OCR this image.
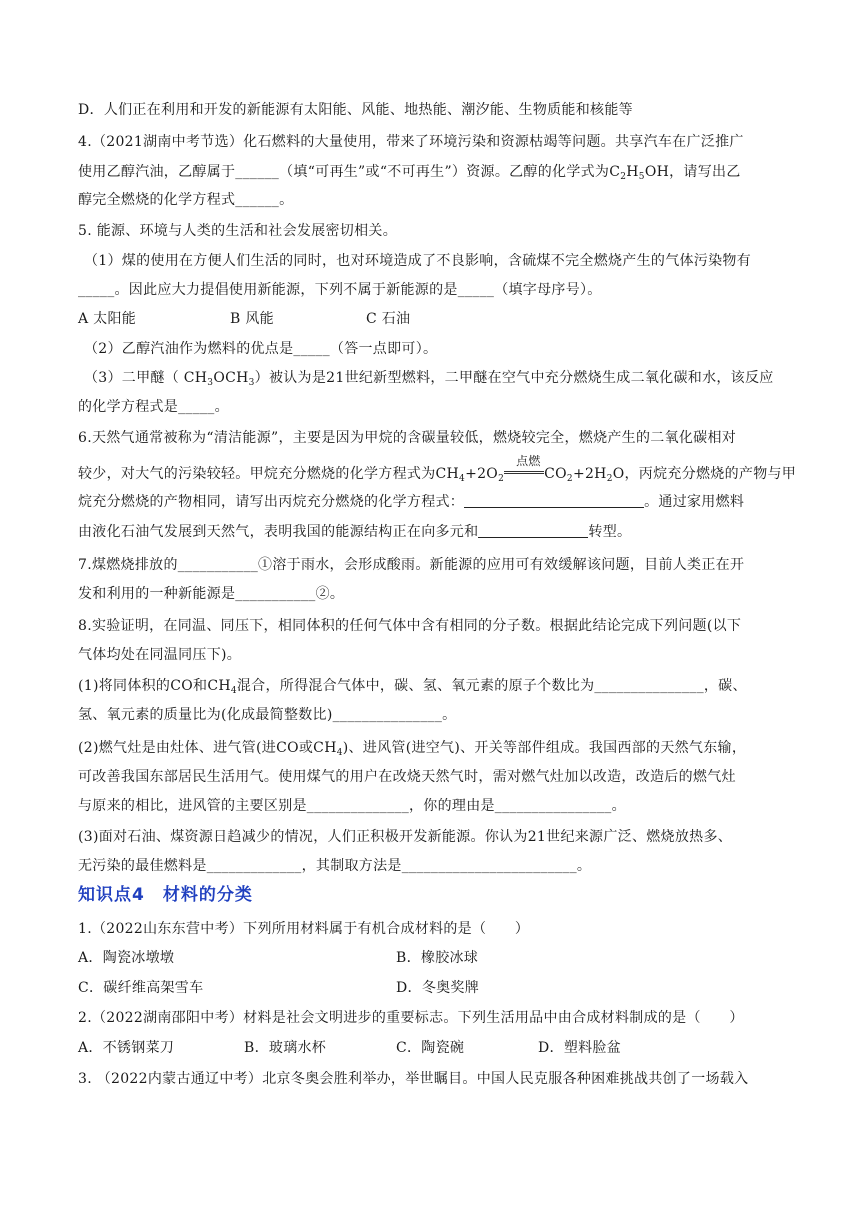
D．人们正在利用和开发的新能源有太阳能、风能、地热能、潮汐能、生物质能和核能等
4.（2021湖南中考节选）化石燃料的大量使用，带来了环境污染和资源枯竭等问题。共享汽车在广泛推广
使用乙醇汽油，乙醇属于______（填“可再生”或“不可再生”）资源。乙醇的化学式为$C_2H_5OH$，请写出乙
醇完全燃烧的化学方程式______。
5. 能源、环境与人类的生活和社会发展密切相关。
（1）煤的使用在方便人们生活的同时，也对环境造成了不良影响，含硫煤不完全燃烧产生的气体污染物有
_____。因此应大力提倡使用新能源，下列不属于新能源的是_____（填字母序号）。
A 太阳能	B 风能	C 石油
（2）乙醇汽油作为燃料的优点是_____（答一点即可）。
（3）二甲醚（ $CH_3OCH_3$）被认为是21世纪新型燃料，二甲醚在空气中充分燃烧生成二氧化碳和水，该反应
的化学方程式是_____。
6.天然气通常被称为“清洁能源”，主要是因为甲烷的含碳量较低，燃烧较完全，燃烧产生的二氧化碳相对
较少，对大气的污染较轻。甲烷充分燃烧的化学方程式为$CH_4+2O_2$
点燃
$CO_2+2H_2O$，丙烷充分燃烧的产物与甲
烷充分燃烧的产物相同，请写出丙烷充分燃烧的化学方程式：	。通过家用燃料
由液化石油气发展到天然气，表明我国的能源结构正在向多元和	转型。
7.煤燃烧排放的___________①溶于雨水，会形成酸雨。新能源的应用可有效缓解该问题，目前人类正在开
发和利用的一种新能源是___________②。
8.实验证明，在同温、同压下，相同体积的任何气体中含有相同的分子数。根据此结论完成下列问题(以下
气体均处在同温同压下)。
(1)将同体积的CO和$CH_4$混合，所得混合气体中，碳、氢、氧元素的原子个数比为_______________，碳、
氢、氧元素的质量比为(化成最简整数比)_______________。
(2)燃气灶是由灶体、进气管(进CO或$CH_4$)、进风管(进空气)、开关等部件组成。我国西部的天然气东输，
可改善我国东部居民生活用气。使用煤气的用户在改烧天然气时，需对燃气灶加以改造，改造后的燃气灶
与原来的相比，进风管的主要区别是______________，你的理由是________________。
(3)面对石油、煤资源日趋减少的情况，人们正积极开发新能源。你认为21世纪来源广泛、燃烧放热多、
无污染的最佳燃料是_____________，其制取方法是________________________。
知识点4　材料的分类
1.（2022山东东营中考）下列所用材料属于有机合成材料的是（　　）
A．陶瓷冰墩墩	B．橡胶冰球
C．碳纤维高架雪车	D．冬奥奖牌
2.（2022湖南邵阳中考）材料是社会文明进步的重要标志。下列生活用品中由合成材料制成的是（　　）
A．不锈钢菜刀	B．玻璃水杯	C．陶瓷碗	D．塑料脸盆
3. （2022内蒙古通辽中考）北京冬奥会胜利举办，举世瞩目。中国人民克服各种困难挑战共创了一场载入
